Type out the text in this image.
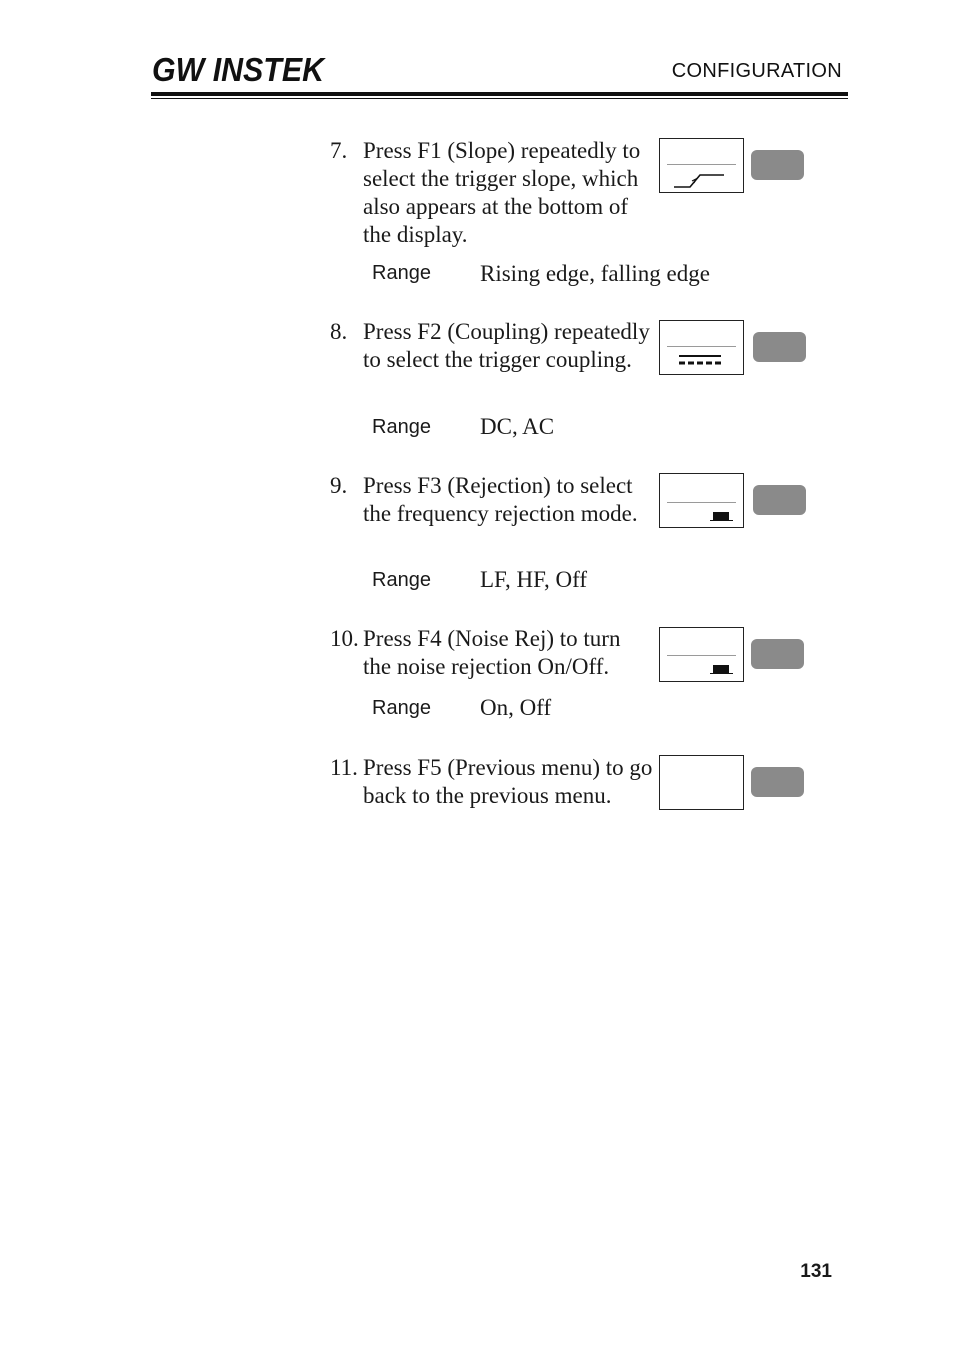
GW INSTEK	CONFIGURATION
7. Press F1 (Slope) repeatedly to select the trigger slope, which also appears at the bottom of the display.
Range Rising edge, falling edge
8. Press F2 (Coupling) repeatedly to select the trigger coupling.
Range DC, AC
9. Press F3 (Rejection) to select the frequency rejection mode.
Range LF, HF, Off
10. Press F4 (Noise Rej) to turn the noise rejection On/Off.
Range On, Off
11. Press F5 (Previous menu) to go back to the previous menu.
131
